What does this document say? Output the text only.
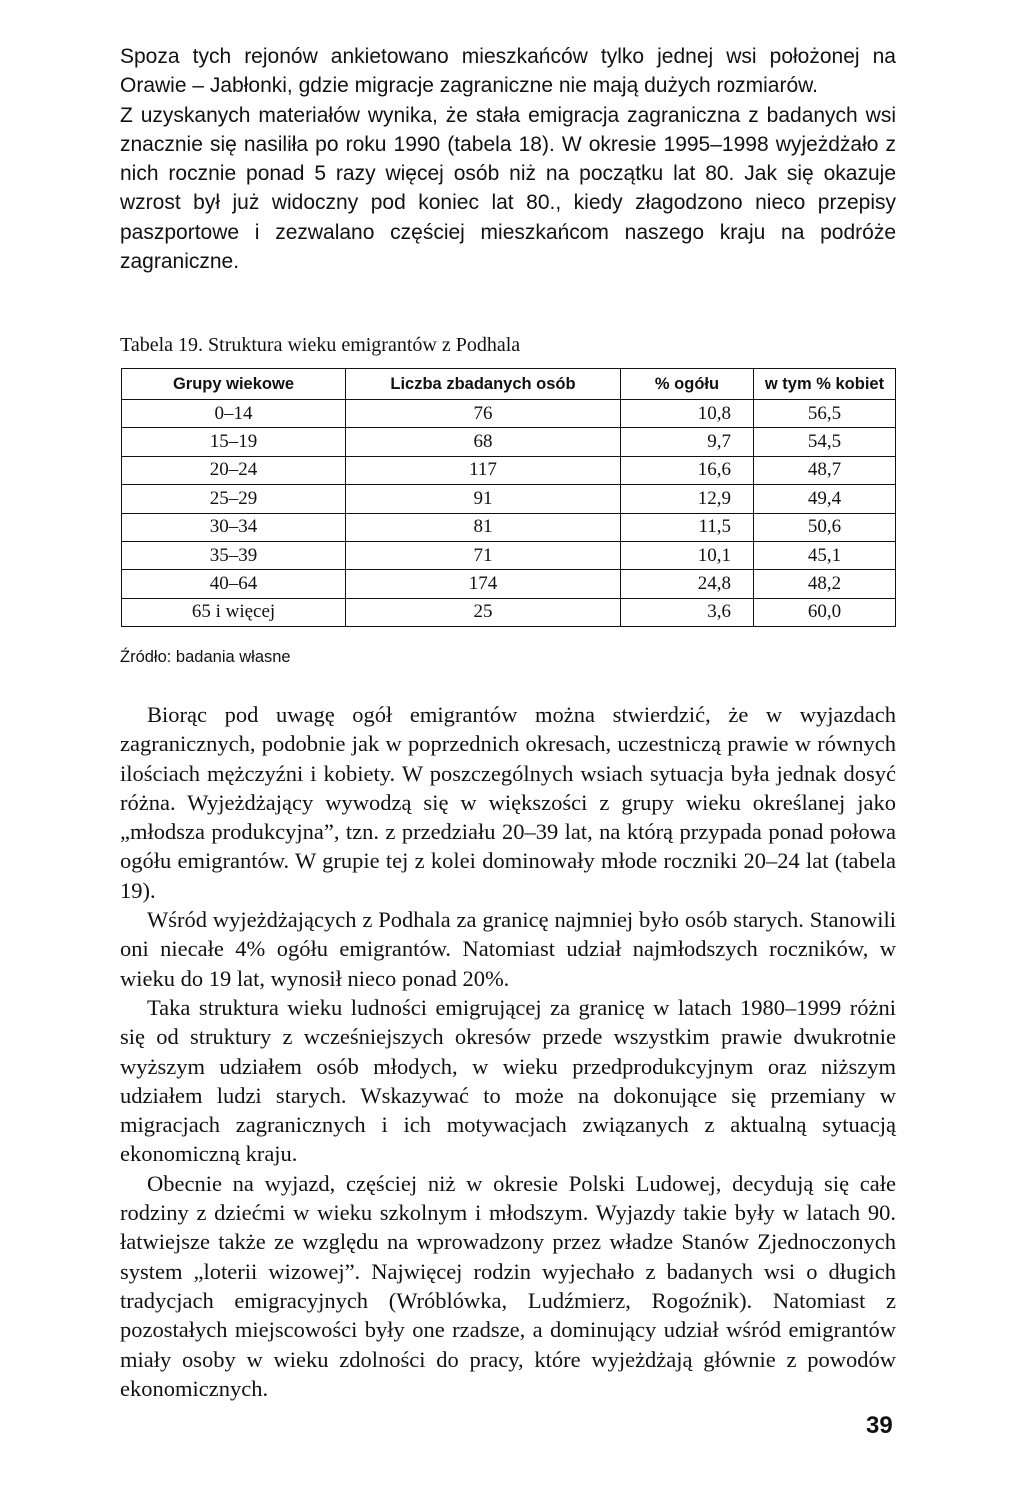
Spoza tych rejonów ankietowano mieszkańców tylko jednej wsi położonej na Orawie – Jabłonki, gdzie migracje zagraniczne nie mają dużych rozmiarów.

Z uzyskanych materiałów wynika, że stała emigracja zagraniczna z badanych wsi znacznie się nasiliła po roku 1990 (tabela 18). W okresie 1995–1998 wyjeżdżało z nich rocznie ponad 5 razy więcej osób niż na początku lat 80. Jak się okazuje wzrost był już widoczny pod koniec lat 80., kiedy złagodzono nieco przepisy paszportowe i zezwalano częściej mieszkańcom naszego kraju na podróże zagraniczne.

Tabela 19. Struktura wieku emigrantów z Podhala
Grupy wiekowe	Liczba zbadanych osób	% ogółu	w tym % kobiet
0–14	76	10,8	56,5
15–19	68	9,7	54,5
20–24	117	16,6	48,7
25–29	91	12,9	49,4
30–34	81	11,5	50,6
35–39	71	10,1	45,1
40–64	174	24,8	48,2
65 i więcej	25	3,6	60,0
Źródło: badania własne

Biorąc pod uwagę ogół emigrantów można stwierdzić, że w wyjazdach zagranicznych, podobnie jak w poprzednich okresach, uczestniczą prawie w równych ilościach mężczyźni i kobiety. W poszczególnych wsiach sytuacja była jednak dosyć różna. Wyjeżdżający wywodzą się w większości z grupy wieku określanej jako „młodsza produkcyjna”, tzn. z przedziału 20–39 lat, na którą przypada ponad połowa ogółu emigrantów. W grupie tej z kolei dominowały młode roczniki 20–24 lat (tabela 19).

Wśród wyjeżdżających z Podhala za granicę najmniej było osób starych. Stanowili oni niecałe 4% ogółu emigrantów. Natomiast udział najmłodszych roczników, w wieku do 19 lat, wynosił nieco ponad 20%.

Taka struktura wieku ludności emigrującej za granicę w latach 1980–1999 różni się od struktury z wcześniejszych okresów przede wszystkim prawie dwukrotnie wyższym udziałem osób młodych, w wieku przedprodukcyjnym oraz niższym udziałem ludzi starych. Wskazywać to może na dokonujące się przemiany w migracjach zagranicznych i ich motywacjach związanych z aktualną sytuacją ekonomiczną kraju.

Obecnie na wyjazd, częściej niż w okresie Polski Ludowej, decydują się całe rodziny z dziećmi w wieku szkolnym i młodszym. Wyjazdy takie były w latach 90. łatwiejsze także ze względu na wprowadzony przez władze Stanów Zjednoczonych system „loterii wizowej”. Najwięcej rodzin wyjechało z badanych wsi o długich tradycjach emigracyjnych (Wróblówka, Ludźmierz, Rogoźnik). Natomiast z pozostałych miejscowości były one rzadsze, a dominujący udział wśród emigrantów miały osoby w wieku zdolności do pracy, które wyjeżdżają głównie z powodów ekonomicznych.

39
